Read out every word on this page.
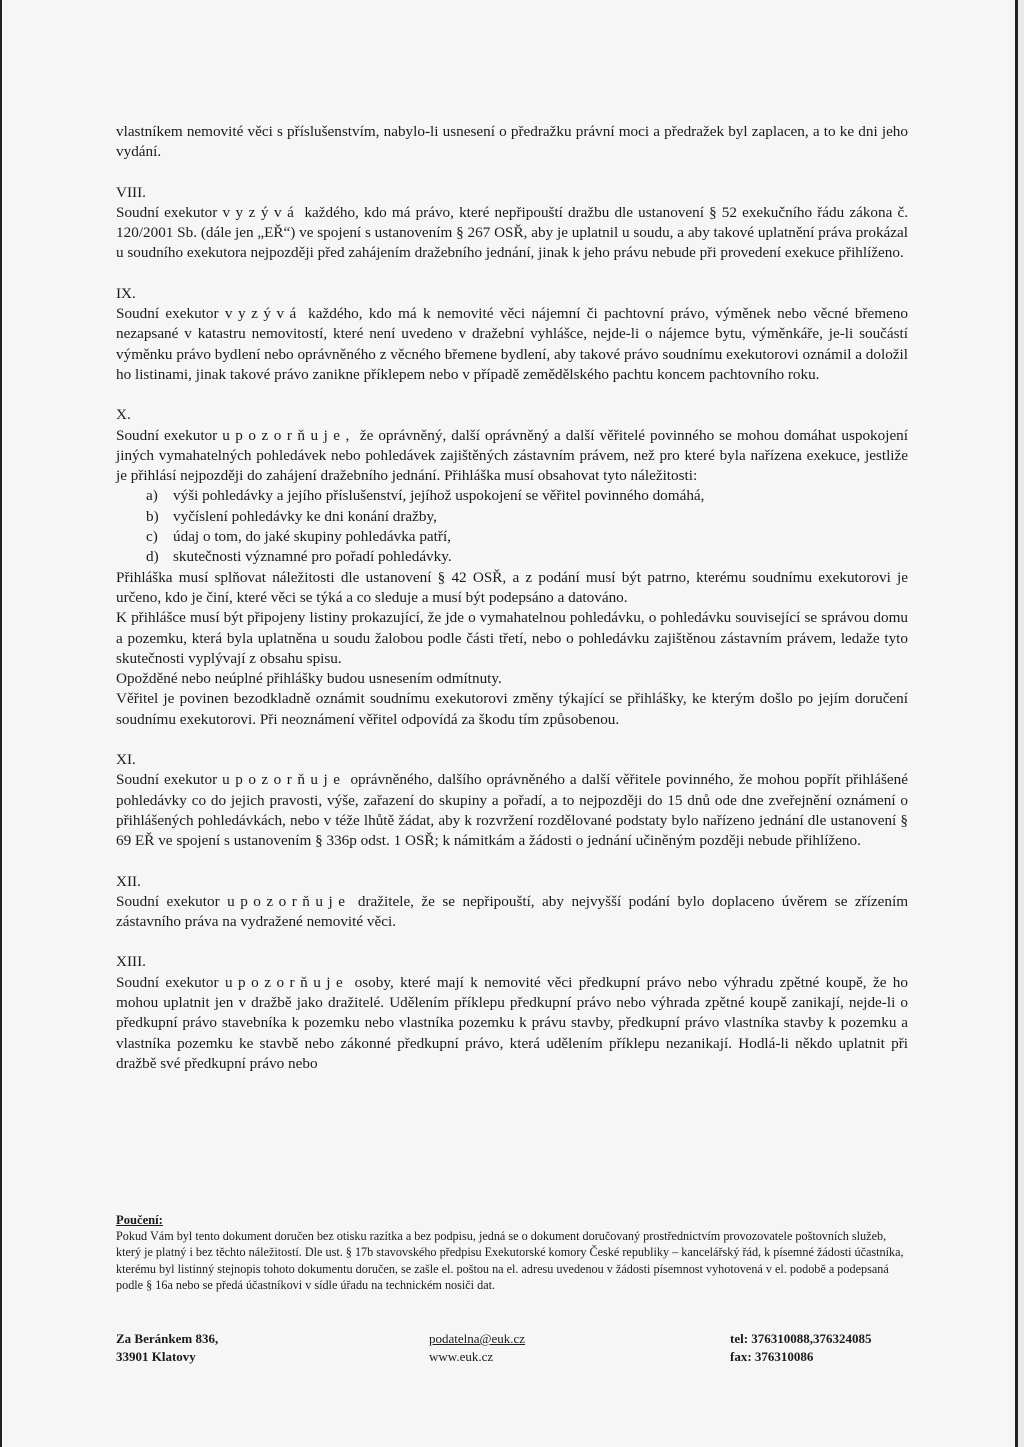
vlastníkem nemovité věci s příslušenstvím, nabylo-li usnesení o předražku právní moci a předražek byl zaplacen, a to ke dni jeho vydání.

VIII.

Soudní exekutor vyzývá každého, kdo má právo, které nepřipouští dražbu dle ustanovení § 52 exekučního řádu zákona č. 120/2001 Sb. (dále jen „EŘ“) ve spojení s ustanovením § 267 OSŘ, aby je uplatnil u soudu, a aby takové uplatnění práva prokázal u soudního exekutora nejpozději před zahájením dražebního jednání, jinak k jeho právu nebude při provedení exekuce přihlíženo.

IX.

Soudní exekutor vyzývá každého, kdo má k nemovité věci nájemní či pachtovní právo, výměnek nebo věcné břemeno nezapsané v katastru nemovitostí, které není uvedeno v dražební vyhlášce, nejde-li o nájemce bytu, výměnkáře, je-li součástí výměnku právo bydlení nebo oprávněného z věcného břemene bydlení, aby takové právo soudnímu exekutorovi oznámil a doložil ho listinami, jinak takové právo zanikne příklepem nebo v případě zemědělského pachtu koncem pachtovního roku.

X.

Soudní exekutor upozorňuje, že oprávněný, další oprávněný a další věřitelé povinného se mohou domáhat uspokojení jiných vymahatelných pohledávek nebo pohledávek zajištěných zástavním právem, než pro které byla nařízena exekuce, jestliže je přihlásí nejpozději do zahájení dražebního jednání. Přihláška musí obsahovat tyto náležitosti:

a) výši pohledávky a jejího příslušenství, jejíhož uspokojení se věřitel povinného domáhá,
b) vyčíslení pohledávky ke dni konání dražby,
c) údaj o tom, do jaké skupiny pohledávka patří,
d) skutečnosti významné pro pořadí pohledávky.

Přihláška musí splňovat náležitosti dle ustanovení § 42 OSŘ, a z podání musí být patrno, kterému soudnímu exekutorovi je určeno, kdo je činí, které věci se týká a co sleduje a musí být podepsáno a datováno.

K přihlášce musí být připojeny listiny prokazující, že jde o vymahatelnou pohledávku, o pohledávku související se správou domu a pozemku, která byla uplatněna u soudu žalobou podle části třetí, nebo o pohledávku zajištěnou zástavním právem, ledaže tyto skutečnosti vyplývají z obsahu spisu.

Opožděné nebo neúplné přihlášky budou usnesením odmítnuty.

Věřitel je povinen bezodkladně oznámit soudnímu exekutorovi změny týkající se přihlášky, ke kterým došlo po jejím doručení soudnímu exekutorovi. Při neoznámení věřitel odpovídá za škodu tím způsobenou.

XI.

Soudní exekutor upozorňuje oprávněného, dalšího oprávněného a další věřitele povinného, že mohou popřít přihlášené pohledávky co do jejich pravosti, výše, zařazení do skupiny a pořadí, a to nejpozději do 15 dnů ode dne zveřejnění oznámení o přihlášených pohledávkách, nebo v téže lhůtě žádat, aby k rozvržení rozdělované podstaty bylo nařízeno jednání dle ustanovení § 69 EŘ ve spojení s ustanovením § 336p odst. 1 OSŘ; k námitkám a žádosti o jednání učiněným později nebude přihlíženo.

XII.

Soudní exekutor upozorňuje dražitele, že se nepřipouští, aby nejvyšší podání bylo doplaceno úvěrem se zřízením zástavního práva na vydražené nemovité věci.

XIII.

Soudní exekutor upozorňuje osoby, které mají k nemovité věci předkupní právo nebo výhradu zpětné koupě, že ho mohou uplatnit jen v dražbě jako dražitelé. Udělením příklepu předkupní právo nebo výhrada zpětné koupě zanikají, nejde-li o předkupní právo stavebníka k pozemku nebo vlastníka pozemku k právu stavby, předkupní právo vlastníka stavby k pozemku a vlastníka pozemku ke stavbě nebo zákonné předkupní právo, která udělením příklepu nezanikají. Hodlá-li někdo uplatnit při dražbě své předkupní právo nebo

Poučení:
Pokud Vám byl tento dokument doručen bez otisku razítka a bez podpisu, jedná se o dokument doručovaný prostřednictvím provozovatele poštovních služeb, který je platný i bez těchto náležitostí. Dle ust. § 17b stavovského předpisu Exekutorské komory České republiky – kancelářský řád, k písemné žádosti účastníka, kterému byl listinný stejnopis tohoto dokumentu doručen, se zašle el. poštou na el. adresu uvedenou v žádosti písemnost vyhotovená v el. podobě a podepsaná podle § 16a nebo se předá účastníkovi v sídle úřadu na technickém nosiči dat.
Za Beránkem 836,
33901 Klatovy
podatelna@euk.cz
www.euk.cz
tel: 376310088,376324085
fax: 376310086
